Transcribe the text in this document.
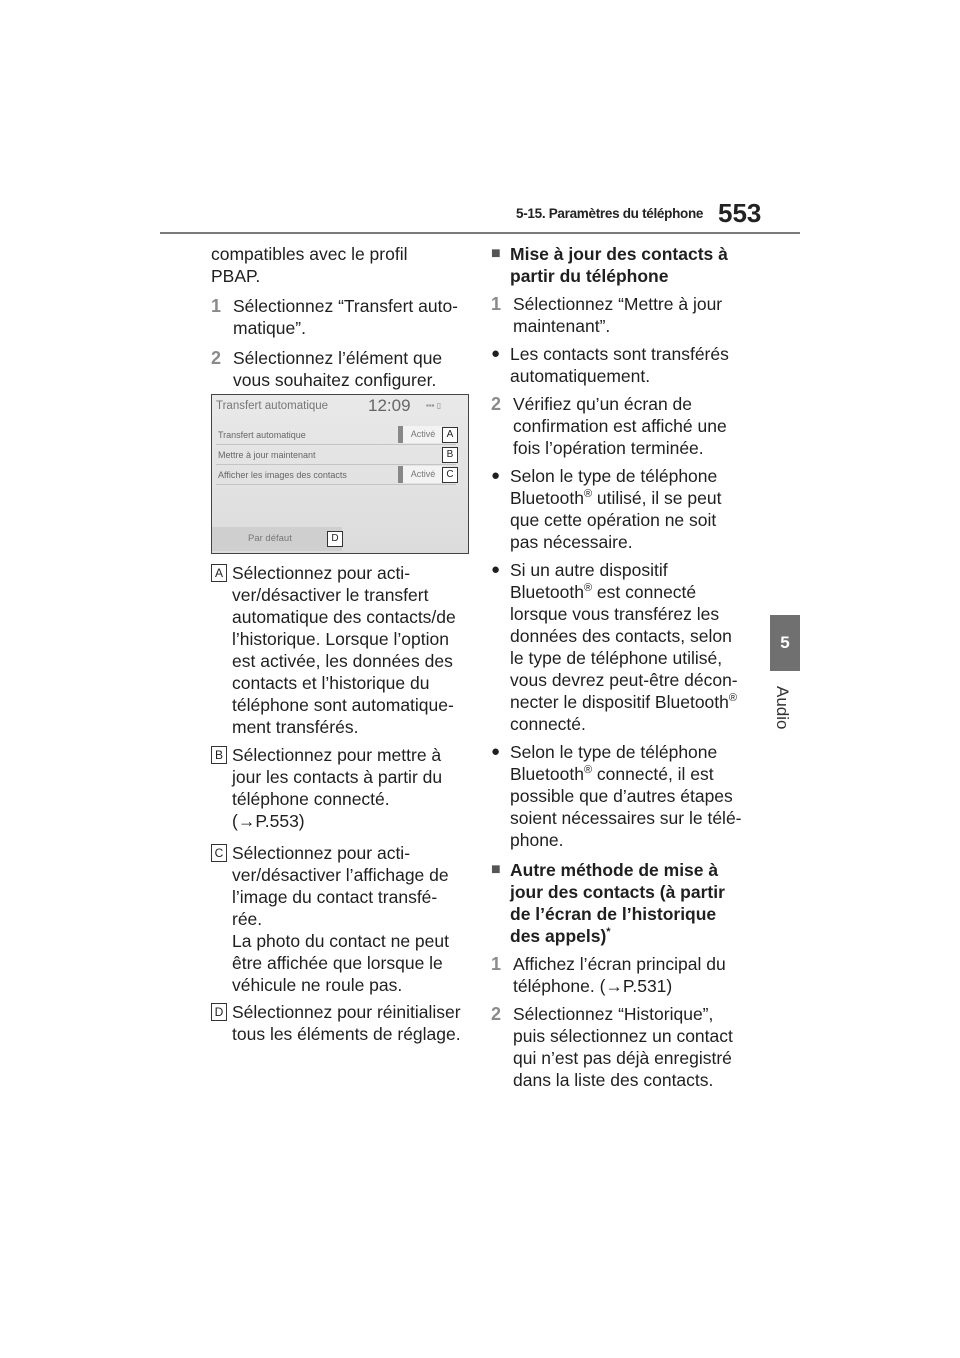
5-15. Paramètres du téléphone 553
5
Audio

compatibles avec le profil PBAP.

1 Sélectionnez “Transfert auto-matique”.
2 Sélectionnez l’élément que vous souhaitez configurer.
Transfert automatique 12:09 ▪▪▪ ▯
Transfert automatique	Activé	A
Mettre à jour maintenant	B
Afficher les images des contacts	Activé	C
Par défaut	D
A Sélectionnez pour acti-ver/désactiver le transfert automatique des contacts/de l’historique. Lorsque l’option est activée, les données des contacts et l’historique du téléphone sont automatique-ment transférés.

B Sélectionnez pour mettre à jour les contacts à partir du téléphone connecté. (→P.553)

C Sélectionnez pour acti-ver/désactiver l’affichage de l’image du contact transfé-rée.

La photo du contact ne peut être affichée que lorsque le véhicule ne roule pas.

D Sélectionnez pour réinitialiser tous les éléments de réglage.

■ Mise à jour des contacts à partir du téléphone
1 Sélectionnez “Mettre à jour maintenant”.
● Les contacts sont transférés automatiquement.
2 Vérifiez qu’un écran de confirmation est affiché une fois l’opération terminée.
● Selon le type de téléphone Bluetooth® utilisé, il se peut que cette opération ne soit pas nécessaire.
● Si un autre dispositif Bluetooth® est connecté lorsque vous transférez les données des contacts, selon le type de téléphone utilisé, vous devrez peut-être décon-necter le dispositif Bluetooth® connecté.
● Selon le type de téléphone Bluetooth® connecté, il est possible que d’autres étapes soient nécessaires sur le télé-phone.
■ Autre méthode de mise à jour des contacts (à partir de l’écran de l’historique des appels)*
1 Affichez l’écran principal du téléphone. (→P.531)
2 Sélectionnez “Historique”, puis sélectionnez un contact qui n’est pas déjà enregistré dans la liste des contacts.
